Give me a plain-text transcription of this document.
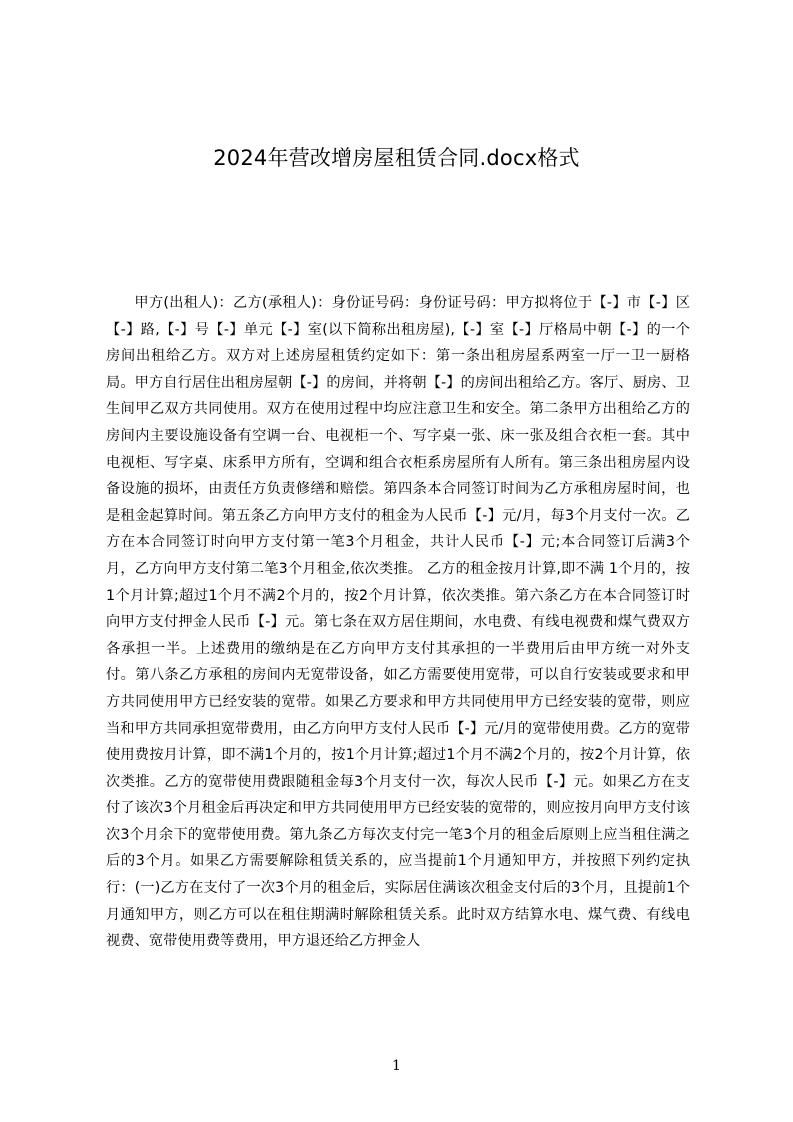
2024年营改增房屋租赁合同.docx格式

甲方(出租人)：乙方(承租人)：身份证号码：身份证号码：甲方拟将位于【-】市【-】区【-】路,【-】号【-】单元【-】室(以下简称出租房屋),【-】室【-】厅格局中朝【-】的一个房间出租给乙方。双方对上述房屋租赁约定如下：第一条出租房屋系两室一厅一卫一厨格局。甲方自行居住出租房屋朝【-】的房间，并将朝【-】的房间出租给乙方。客厅、厨房、卫生间甲乙双方共同使用。双方在使用过程中均应注意卫生和安全。第二条甲方出租给乙方的房间内主要设施设备有空调一台、电视柜一个、写字桌一张、床一张及组合衣柜一套。其中电视柜、写字桌、床系甲方所有，空调和组合衣柜系房屋所有人所有。第三条出租房屋内设备设施的损坏，由责任方负责修缮和赔偿。第四条本合同签订时间为乙方承租房屋时间，也是租金起算时间。第五条乙方向甲方支付的租金为人民币【-】元/月，每3个月支付一次。乙方在本合同签订时向甲方支付第一笔3个月租金，共计人民币【-】元;本合同签订后满3个月，乙方向甲方支付第二笔3个月租金,依次类推。 乙方的租金按月计算,即不满 1个月的，按1个月计算;超过1个月不满2个月的，按2个月计算，依次类推。第六条乙方在本合同签订时向甲方支付押金人民币【-】元。第七条在双方居住期间，水电费、有线电视费和煤气费双方各承担一半。上述费用的缴纳是在乙方向甲方支付其承担的一半费用后由甲方统一对外支付。第八条乙方承租的房间内无宽带设备，如乙方需要使用宽带，可以自行安装或要求和甲方共同使用甲方已经安装的宽带。如果乙方要求和甲方共同使用甲方已经安装的宽带，则应当和甲方共同承担宽带费用，由乙方向甲方支付人民币【-】元/月的宽带使用费。乙方的宽带使用费按月计算，即不满1个月的，按1个月计算;超过1个月不满2个月的，按2个月计算，依次类推。乙方的宽带使用费跟随租金每3个月支付一次，每次人民币【-】元。如果乙方在支付了该次3个月租金后再决定和甲方共同使用甲方已经安装的宽带的，则应按月向甲方支付该次3个月余下的宽带使用费。第九条乙方每次支付完一笔3个月的租金后原则上应当租住满之后的3个月。如果乙方需要解除租赁关系的，应当提前1个月通知甲方，并按照下列约定执行：(一)乙方在支付了一次3个月的租金后，实际居住满该次租金支付后的3个月，且提前1个月通知甲方，则乙方可以在租住期满时解除租赁关系。此时双方结算水电、煤气费、有线电视费、宽带使用费等费用，甲方退还给乙方押金人

1
